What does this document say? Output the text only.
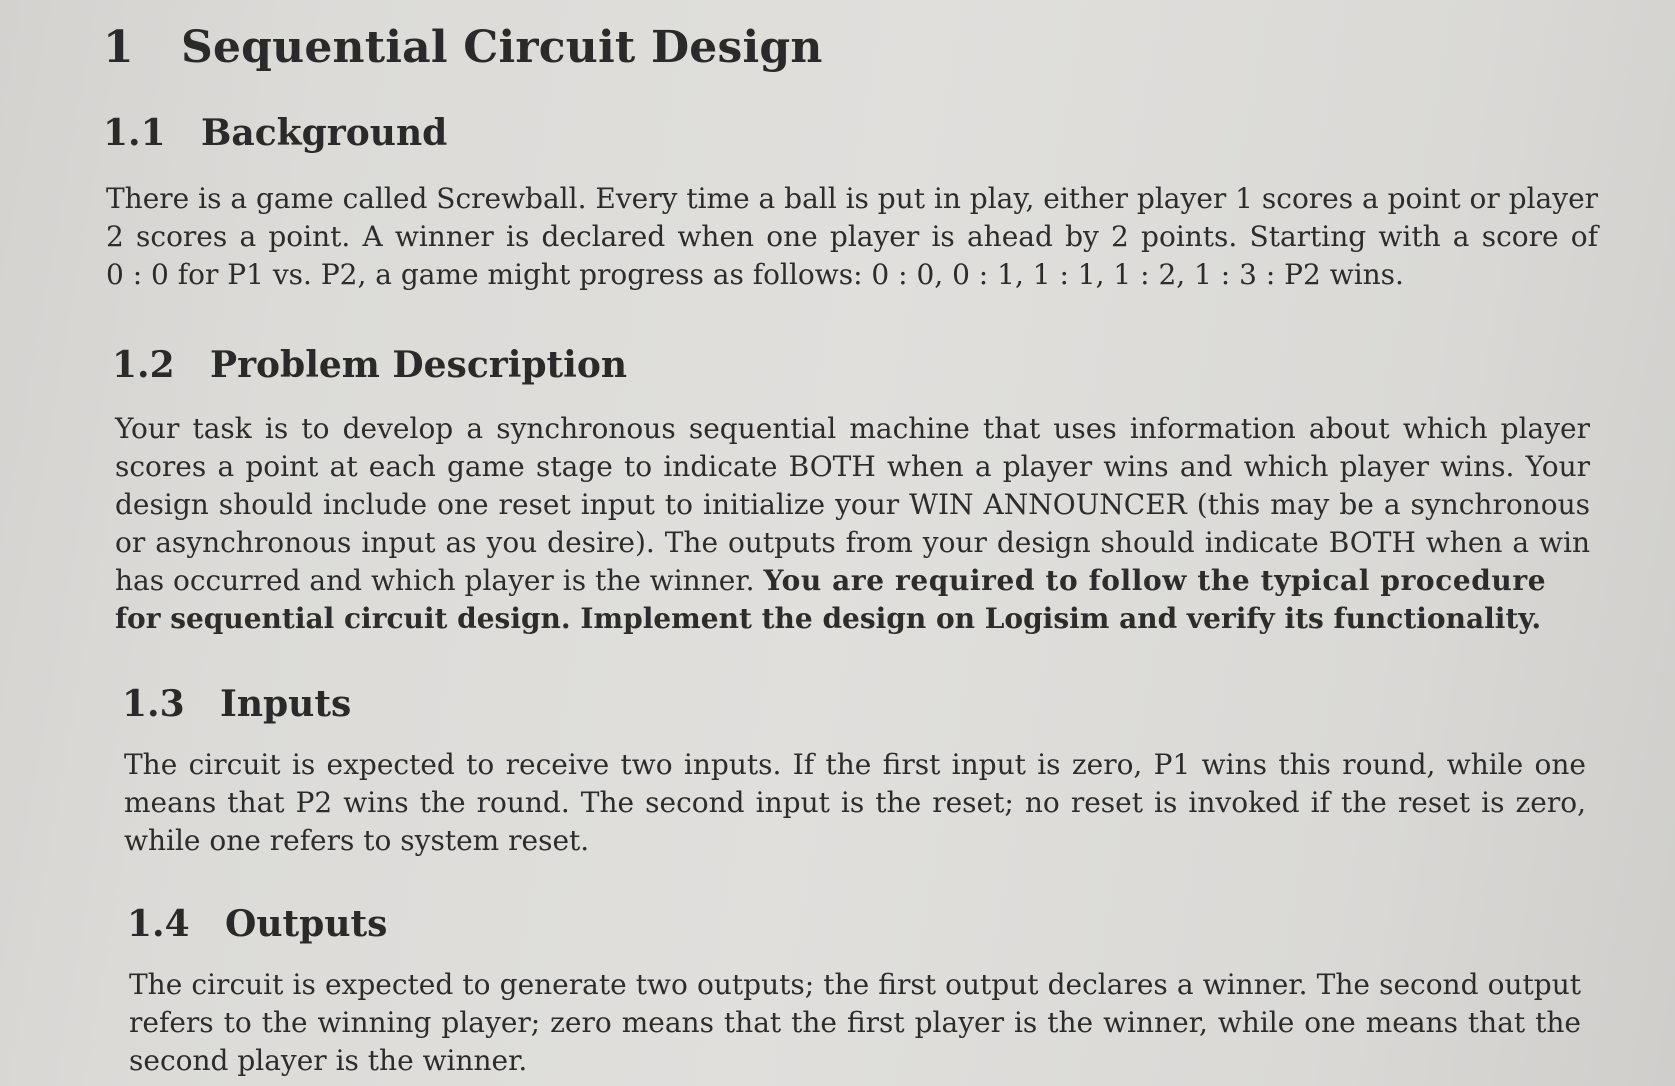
1 Sequential Circuit Design
1.1 Background
There is a game called Screwball. Every time a ball is put in play, either player 1 scores a point or player
2 scores a point. A winner is declared when one player is ahead by 2 points. Starting with a score of
0 : 0 for P1 vs. P2, a game might progress as follows: 0 : 0, 0 : 1, 1 : 1, 1 : 2, 1 : 3 : P2 wins.
1.2 Problem Description
Your task is to develop a synchronous sequential machine that uses information about which player
scores a point at each game stage to indicate BOTH when a player wins and which player wins. Your
design should include one reset input to initialize your WIN ANNOUNCER (this may be a synchronous
or asynchronous input as you desire). The outputs from your design should indicate BOTH when a win
has occurred and which player is the winner. You are required to follow the typical procedure
for sequential circuit design. Implement the design on Logisim and verify its functionality.
1.3 Inputs
The circuit is expected to receive two inputs. If the first input is zero, P1 wins this round, while one
means that P2 wins the round. The second input is the reset; no reset is invoked if the reset is zero,
while one refers to system reset.
1.4 Outputs
The circuit is expected to generate two outputs; the first output declares a winner. The second output
refers to the winning player; zero means that the first player is the winner, while one means that the
second player is the winner.
